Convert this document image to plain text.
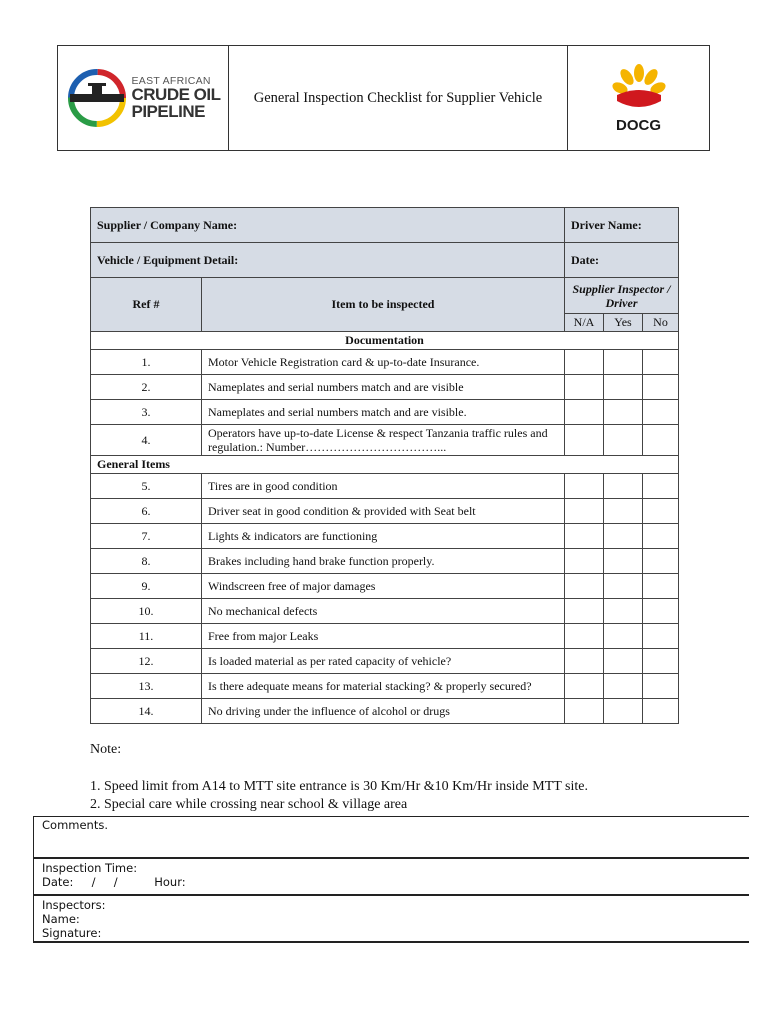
EAST AFRICAN
CRUDE OIL
PIPELINE
General Inspection Checklist for Supplier Vehicle
DOCG
Supplier / Company Name:		Driver Name:		
Vehicle / Equipment Detail:		Date:		
Ref #	Item to be inspected	Supplier Inspector / Driver		
		N/A	Yes	No
Documentation				
1.	Motor Vehicle Registration card & up-to-date Insurance.			
2.	Nameplates and serial numbers match and are visible			
3.	Nameplates and serial numbers match and are visible.			
4.	Operators have up-to-date License & respect Tanzania traffic rules and regulation.: Number……………………………...			
General Items				
5.	Tires are in good condition			
6.	Driver seat in good condition & provided with Seat belt			
7.	Lights & indicators are functioning			
8.	Brakes including hand brake function properly.			
9.	Windscreen free of major damages			
10.	No mechanical defects			
11.	Free from major Leaks			
12.	Is loaded material as per rated capacity of vehicle?			
13.	Is there adequate means for material stacking? & properly secured?			
14.	No driving under the influence of alcohol or drugs			
Note:
1. Speed limit from A14 to MTT site entrance is 30 Km/Hr &10 Km/Hr inside MTT site.
2. Special care while crossing near school & village area
Comments.
Inspection Time:
Date:     /     /          Hour:
Inspectors:
Name:
Signature:
